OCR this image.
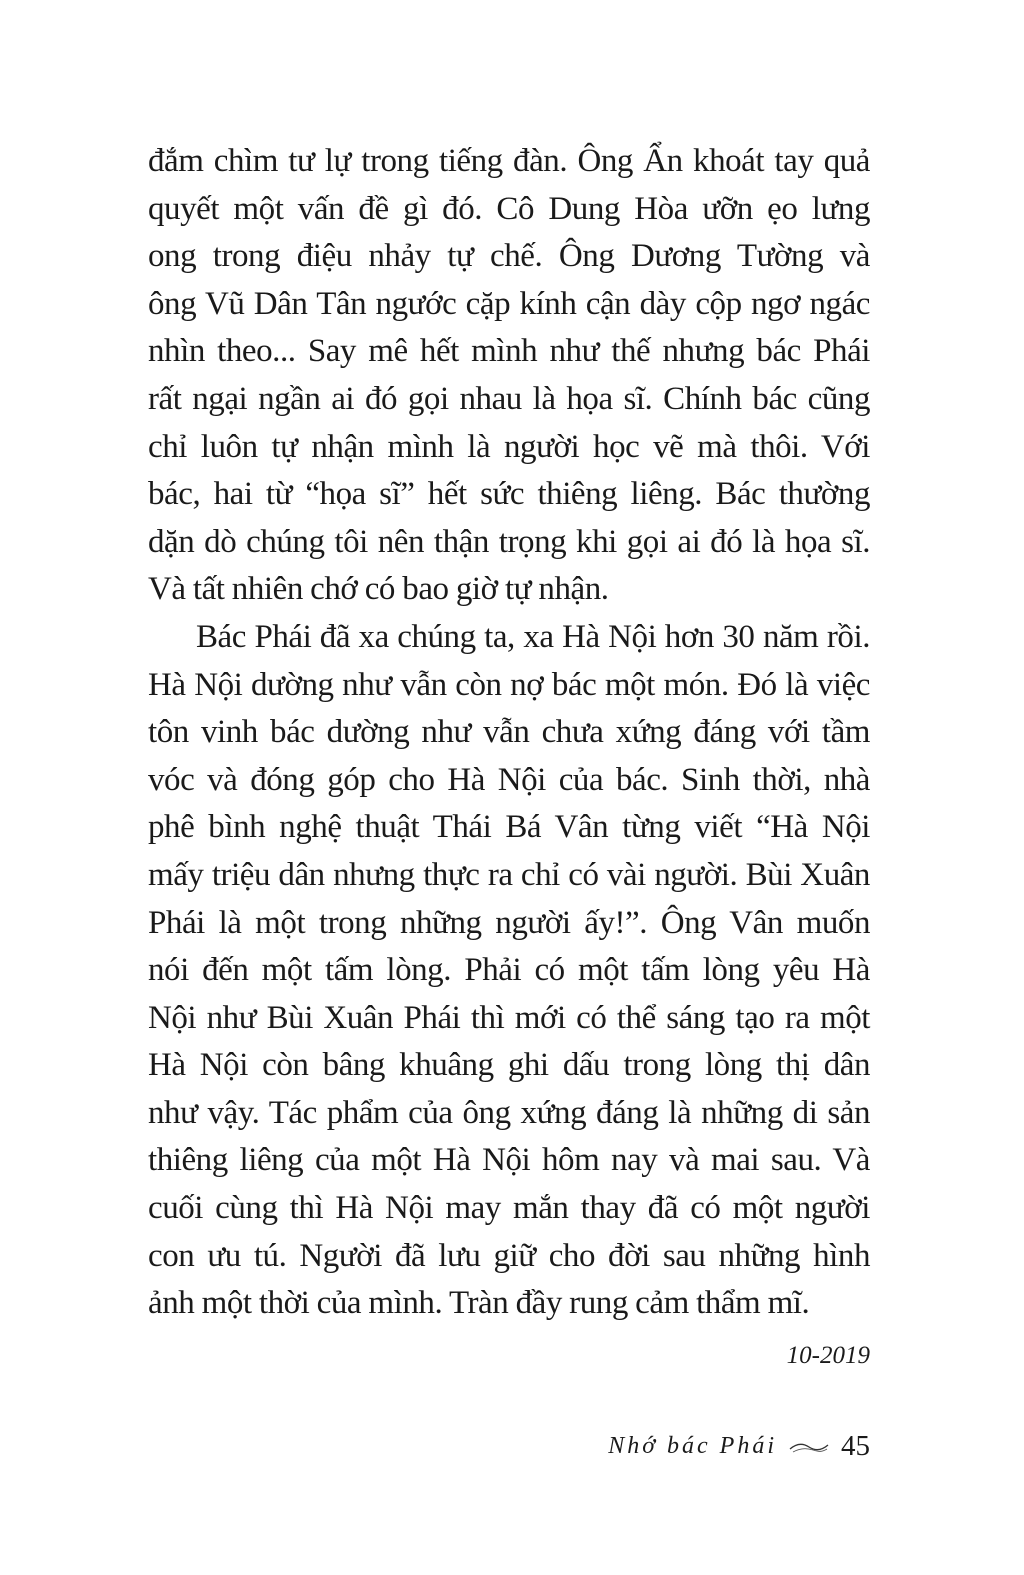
đắm chìm tư lự trong tiếng đàn. Ông Ẩn khoát tay quả
quyết một vấn đề gì đó. Cô Dung Hòa ưỡn ẹo lưng
ong trong điệu nhảy tự chế. Ông Dương Tường và
ông Vũ Dân Tân ngước cặp kính cận dày cộp ngơ ngác
nhìn theo... Say mê hết mình như thế nhưng bác Phái
rất ngại ngần ai đó gọi nhau là họa sĩ. Chính bác cũng
chỉ luôn tự nhận mình là người học vẽ mà thôi. Với
bác, hai từ “họa sĩ” hết sức thiêng liêng. Bác thường
dặn dò chúng tôi nên thận trọng khi gọi ai đó là họa sĩ.
Và tất nhiên chớ có bao giờ tự nhận.
Bác Phái đã xa chúng ta, xa Hà Nội hơn 30 năm rồi.
Hà Nội dường như vẫn còn nợ bác một món. Đó là việc
tôn vinh bác dường như vẫn chưa xứng đáng với tầm
vóc và đóng góp cho Hà Nội của bác. Sinh thời, nhà
phê bình nghệ thuật Thái Bá Vân từng viết “Hà Nội
mấy triệu dân nhưng thực ra chỉ có vài người. Bùi Xuân
Phái là một trong những người ấy!”. Ông Vân muốn
nói đến một tấm lòng. Phải có một tấm lòng yêu Hà
Nội như Bùi Xuân Phái thì mới có thể sáng tạo ra một
Hà Nội còn bâng khuâng ghi dấu trong lòng thị dân
như vậy. Tác phẩm của ông xứng đáng là những di sản
thiêng liêng của một Hà Nội hôm nay và mai sau. Và
cuối cùng thì Hà Nội may mắn thay đã có một người
con ưu tú. Người đã lưu giữ cho đời sau những hình
ảnh một thời của mình. Tràn đầy rung cảm thẩm mĩ.
10-2019
Nhớ bác Phái 45
